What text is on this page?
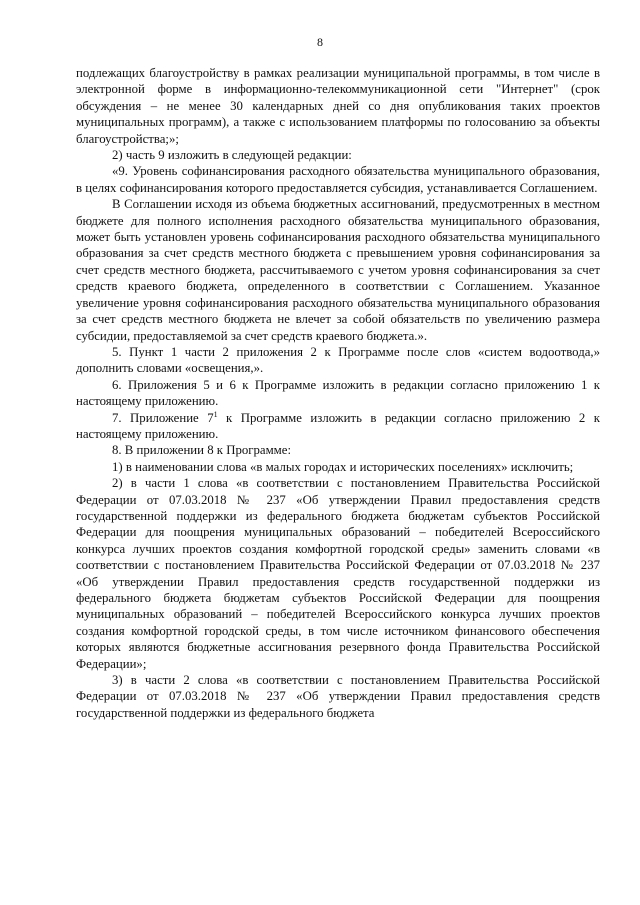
8

подлежащих благоустройству в рамках реализации муниципальной программы, в том числе в электронной форме в информационно-телекоммуникационной сети "Интернет" (срок обсуждения – не менее 30 календарных дней со дня опубликования таких проектов муниципальных программ), а также с использованием платформы по голосованию за объекты благоустройства;»;

2) часть 9 изложить в следующей редакции:

«9. Уровень софинансирования расходного обязательства муниципального образования, в целях софинансирования которого предоставляется субсидия, устанавливается Соглашением.

В Соглашении исходя из объема бюджетных ассигнований, предусмотренных в местном бюджете для полного исполнения расходного обязательства муниципального образования, может быть установлен уровень софинансирования расходного обязательства муниципального образования за счет средств местного бюджета с превышением уровня софинансирования за счет средств местного бюджета, рассчитываемого с учетом уровня софинансирования за счет средств краевого бюджета, определенного в соответствии с Соглашением. Указанное увеличение уровня софинансирования расходного обязательства муниципального образования за счет средств местного бюджета не влечет за собой обязательств по увеличению размера субсидии, предоставляемой за счет средств краевого бюджета.».

5. Пункт 1 части 2 приложения 2 к Программе после слов «систем водоотвода,» дополнить словами «освещения,».

6. Приложения 5 и 6 к Программе изложить в редакции согласно приложению 1 к настоящему приложению.

7. Приложение $7^1$ к Программе изложить в редакции согласно приложению 2 к настоящему приложению.

8. В приложении 8 к Программе:

1) в наименовании слова «в малых городах и исторических поселениях» исключить;

2) в части 1 слова «в соответствии с постановлением Правительства Российской Федерации от 07.03.2018 № 237 «Об утверждении Правил предоставления средств государственной поддержки из федерального бюджета бюджетам субъектов Российской Федерации для поощрения муниципальных образований – победителей Всероссийского конкурса лучших проектов создания комфортной городской среды» заменить словами «в соответствии с постановлением Правительства Российской Федерации от 07.03.2018 № 237 «Об утверждении Правил предоставления средств государственной поддержки из федерального бюджета бюджетам субъектов Российской Федерации для поощрения муниципальных образований – победителей Всероссийского конкурса лучших проектов создания комфортной городской среды, в том числе источником финансового обеспечения которых являются бюджетные ассигнования резервного фонда Правительства Российской Федерации»;

3) в части 2 слова «в соответствии с постановлением Правительства Российской Федерации от 07.03.2018 № 237 «Об утверждении Правил предоставления средств государственной поддержки из федерального бюджета
